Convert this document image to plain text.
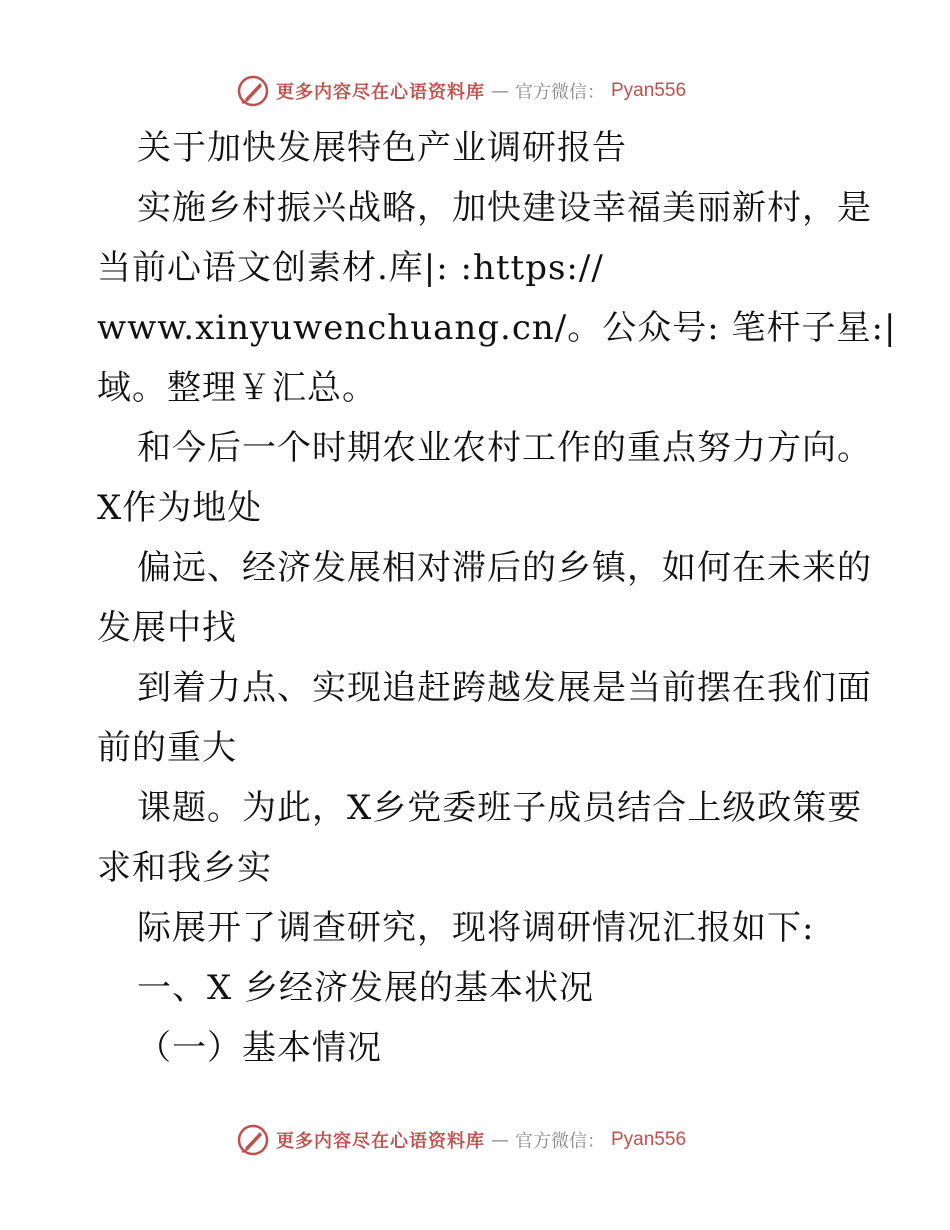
更多内容尽在心语资料库 — 官方微信： Pyan556
关于加快发展特色产业调研报告
实施乡村振兴战略，加快建设幸福美丽新村，是
当前心语文创素材.库|: :https://
www.xinyuwenchuang.cn/。公众号: 笔杆子星:|
域。整理￥汇总。
和今后一个时期农业农村工作的重点努力方向。
X作为地处
偏远、经济发展相对滞后的乡镇，如何在未来的
发展中找
到着力点、实现追赶跨越发展是当前摆在我们面
前的重大
课题。为此，X乡党委班子成员结合上级政策要
求和我乡实
际展开了调查研究，现将调研情况汇报如下:
一、X 乡经济发展的基本状况
（一）基本情况
更多内容尽在心语资料库 — 官方微信： Pyan556
